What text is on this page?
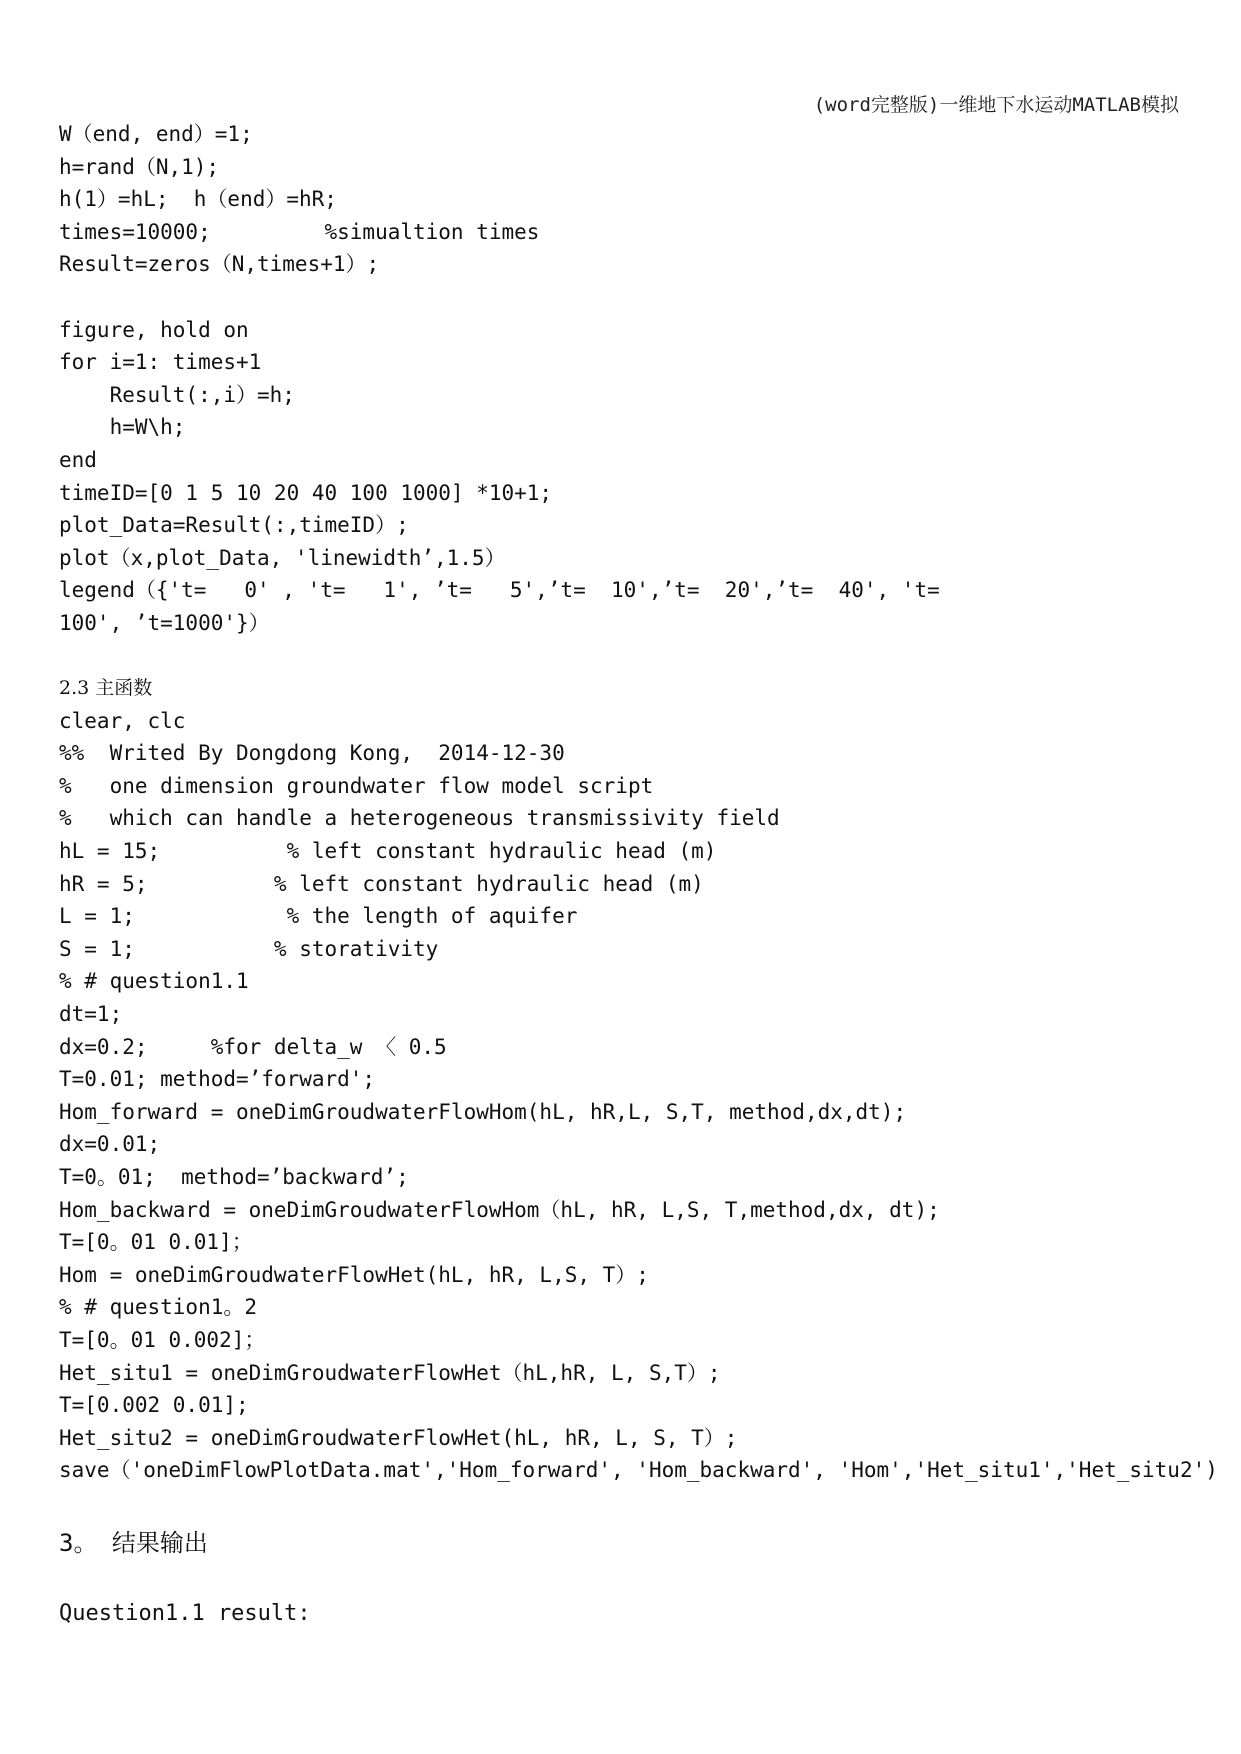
(word完整版)一维地下水运动MATLAB模拟
W（end, end）=1;
h=rand（N,1);
h(1）=hL;  h（end）=hR;
times=10000;         %simualtion times
Result=zeros（N,times+1）;
figure, hold on
for i=1: times+1
Result(:,i）=h;
h=W\h;
end
timeID=[0 1 5 10 20 40 100 1000] *10+1;
plot_Data=Result(:,timeID）;
plot（x,plot_Data, 'linewidth’,1.5）
legend（{'t=   0' , 't=   1', ’t=   5',’t=  10',’t=  20',’t=  40', 't=
100', ’t=1000'}）
2.3 主函数
clear, clc
%%  Writed By Dongdong Kong,  2014-12-30
%   one dimension groundwater flow model script
%   which can handle a heterogeneous transmissivity field
hL = 15;          % left constant hydraulic head (m)
hR = 5;          % left constant hydraulic head (m)
L = 1;            % the length of aquifer
S = 1;           % storativity
% # question1.1
dt=1;
dx=0.2;     %for delta_w 〈 0.5
T=0.01; method=’forward';
Hom_forward = oneDimGroudwaterFlowHom(hL, hR,L, S,T, method,dx,dt);
dx=0.01;
T=0。01;  method=’backward’;
Hom_backward = oneDimGroudwaterFlowHom（hL, hR, L,S, T,method,dx, dt);
T=[0。01 0.01]；
Hom = oneDimGroudwaterFlowHet(hL, hR, L,S, T）;
% # question1。2
T=[0。01 0.002]；
Het_situ1 = oneDimGroudwaterFlowHet（hL,hR, L, S,T）;
T=[0.002 0.01];
Het_situ2 = oneDimGroudwaterFlowHet(hL, hR, L, S, T）;
save（'oneDimFlowPlotData.mat','Hom_forward', 'Hom_backward', 'Hom','Het_situ1','Het_situ2')
3。 结果输出
Question1.1 result:
